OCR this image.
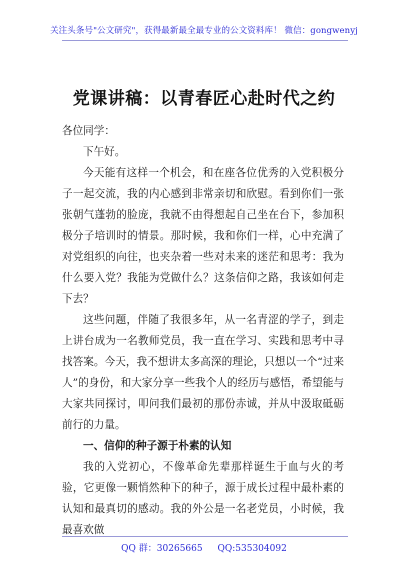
关注头条号"公文研究"，获得最新最全最专业的公文资料库！ 微信：gongwenyj
党课讲稿：以青春匠心赴时代之约

各位同学：

下午好。

今天能有这样一个机会，和在座各位优秀的入党积极分子一起交流，我的内心感到非常亲切和欣慰。看到你们一张张朝气蓬勃的脸庞，我就不由得想起自己坐在台下，参加积极分子培训时的情景。那时候，我和你们一样，心中充满了对党组织的向往，也夹杂着一些对未来的迷茫和思考：我为什么要入党？我能为党做什么？这条信仰之路，我该如何走下去？

这些问题，伴随了我很多年，从一名青涩的学子，到走上讲台成为一名教师党员，我一直在学习、实践和思考中寻找答案。今天，我不想讲太多高深的理论，只想以一个“过来人”的身份，和大家分享一些我个人的经历与感悟，希望能与大家共同探讨，叩问我们最初的那份赤诚，并从中汲取砥砺前行的力量。

一、信仰的种子源于朴素的认知

我的入党初心，不像革命先辈那样诞生于血与火的考验，它更像一颗悄然种下的种子，源于成长过程中最朴素的认知和最真切的感动。我的外公是一名老党员，小时候，我最喜欢做

QQ 群：30265665 QQ:535304092
